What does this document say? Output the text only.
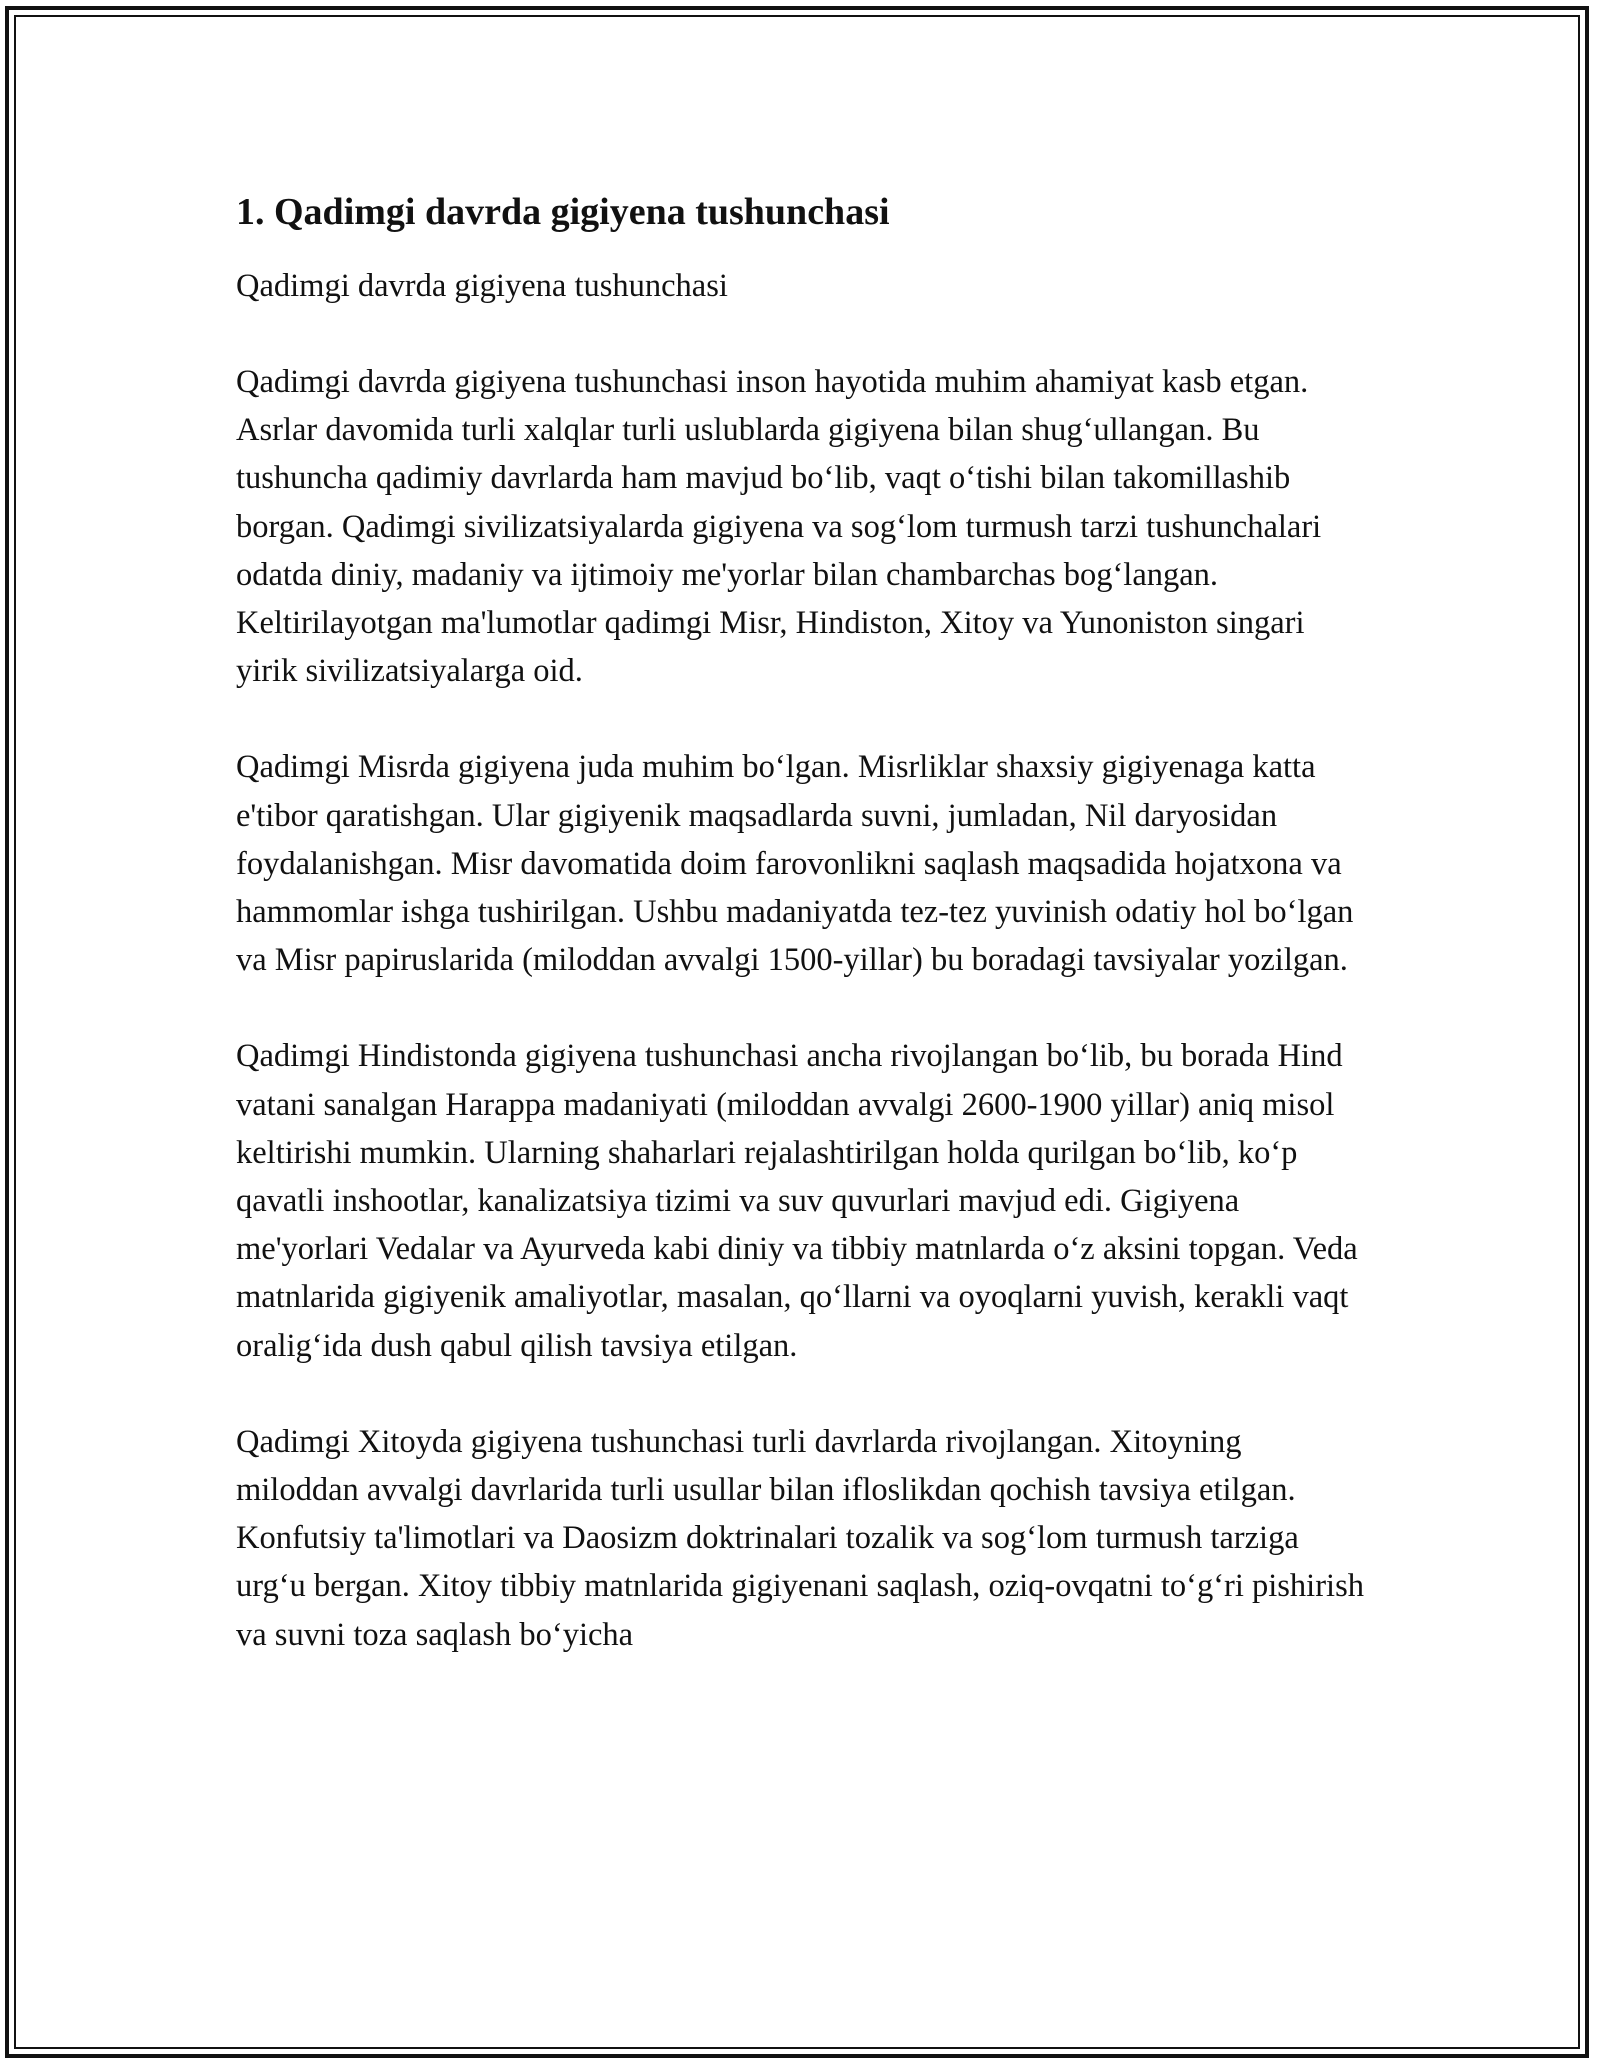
1. Qadimgi davrda gigiyena tushunchasi

Qadimgi davrda gigiyena tushunchasi

Qadimgi davrda gigiyena tushunchasi inson hayotida muhim ahamiyat kasb etgan. Asrlar davomida turli xalqlar turli uslublarda gigiyena bilan shug‘ullangan. Bu tushuncha qadimiy davrlarda ham mavjud bo‘lib, vaqt o‘tishi bilan takomillashib borgan. Qadimgi sivilizatsiyalarda gigiyena va sog‘lom turmush tarzi tushunchalari odatda diniy, madaniy va ijtimoiy me'yorlar bilan chambarchas bog‘langan. Keltirilayotgan ma'lumotlar qadimgi Misr, Hindiston, Xitoy va Yunoniston singari yirik sivilizatsiyalarga oid.

Qadimgi Misrda gigiyena juda muhim bo‘lgan. Misrliklar shaxsiy gigiyenaga katta e'tibor qaratishgan. Ular gigiyenik maqsadlarda suvni, jumladan, Nil daryosidan foydalanishgan. Misr davomatida doim farovonlikni saqlash maqsadida hojatxona va hammomlar ishga tushirilgan. Ushbu madaniyatda tez-tez yuvinish odatiy hol bo‘lgan va Misr papiruslarida (miloddan avvalgi 1500-yillar) bu boradagi tavsiyalar yozilgan.

Qadimgi Hindistonda gigiyena tushunchasi ancha rivojlangan bo‘lib, bu borada Hind vatani sanalgan Harappa madaniyati (miloddan avvalgi 2600-1900 yillar) aniq misol keltirishi mumkin. Ularning shaharlari rejalashtirilgan holda qurilgan bo‘lib, ko‘p qavatli inshootlar, kanalizatsiya tizimi va suv quvurlari mavjud edi. Gigiyena me'yorlari Vedalar va Ayurveda kabi diniy va tibbiy matnlarda o‘z aksini topgan. Veda matnlarida gigiyenik amaliyotlar, masalan, qo‘llarni va oyoqlarni yuvish, kerakli vaqt oralig‘ida dush qabul qilish tavsiya etilgan.

Qadimgi Xitoyda gigiyena tushunchasi turli davrlarda rivojlangan. Xitoyning miloddan avvalgi davrlarida turli usullar bilan ifloslikdan qochish tavsiya etilgan. Konfutsiy ta'limotlari va Daosizm doktrinalari tozalik va sog‘lom turmush tarziga urg‘u bergan. Xitoy tibbiy matnlarida gigiyenani saqlash, oziq-ovqatni to‘g‘ri pishirish va suvni toza saqlash bo‘yicha
